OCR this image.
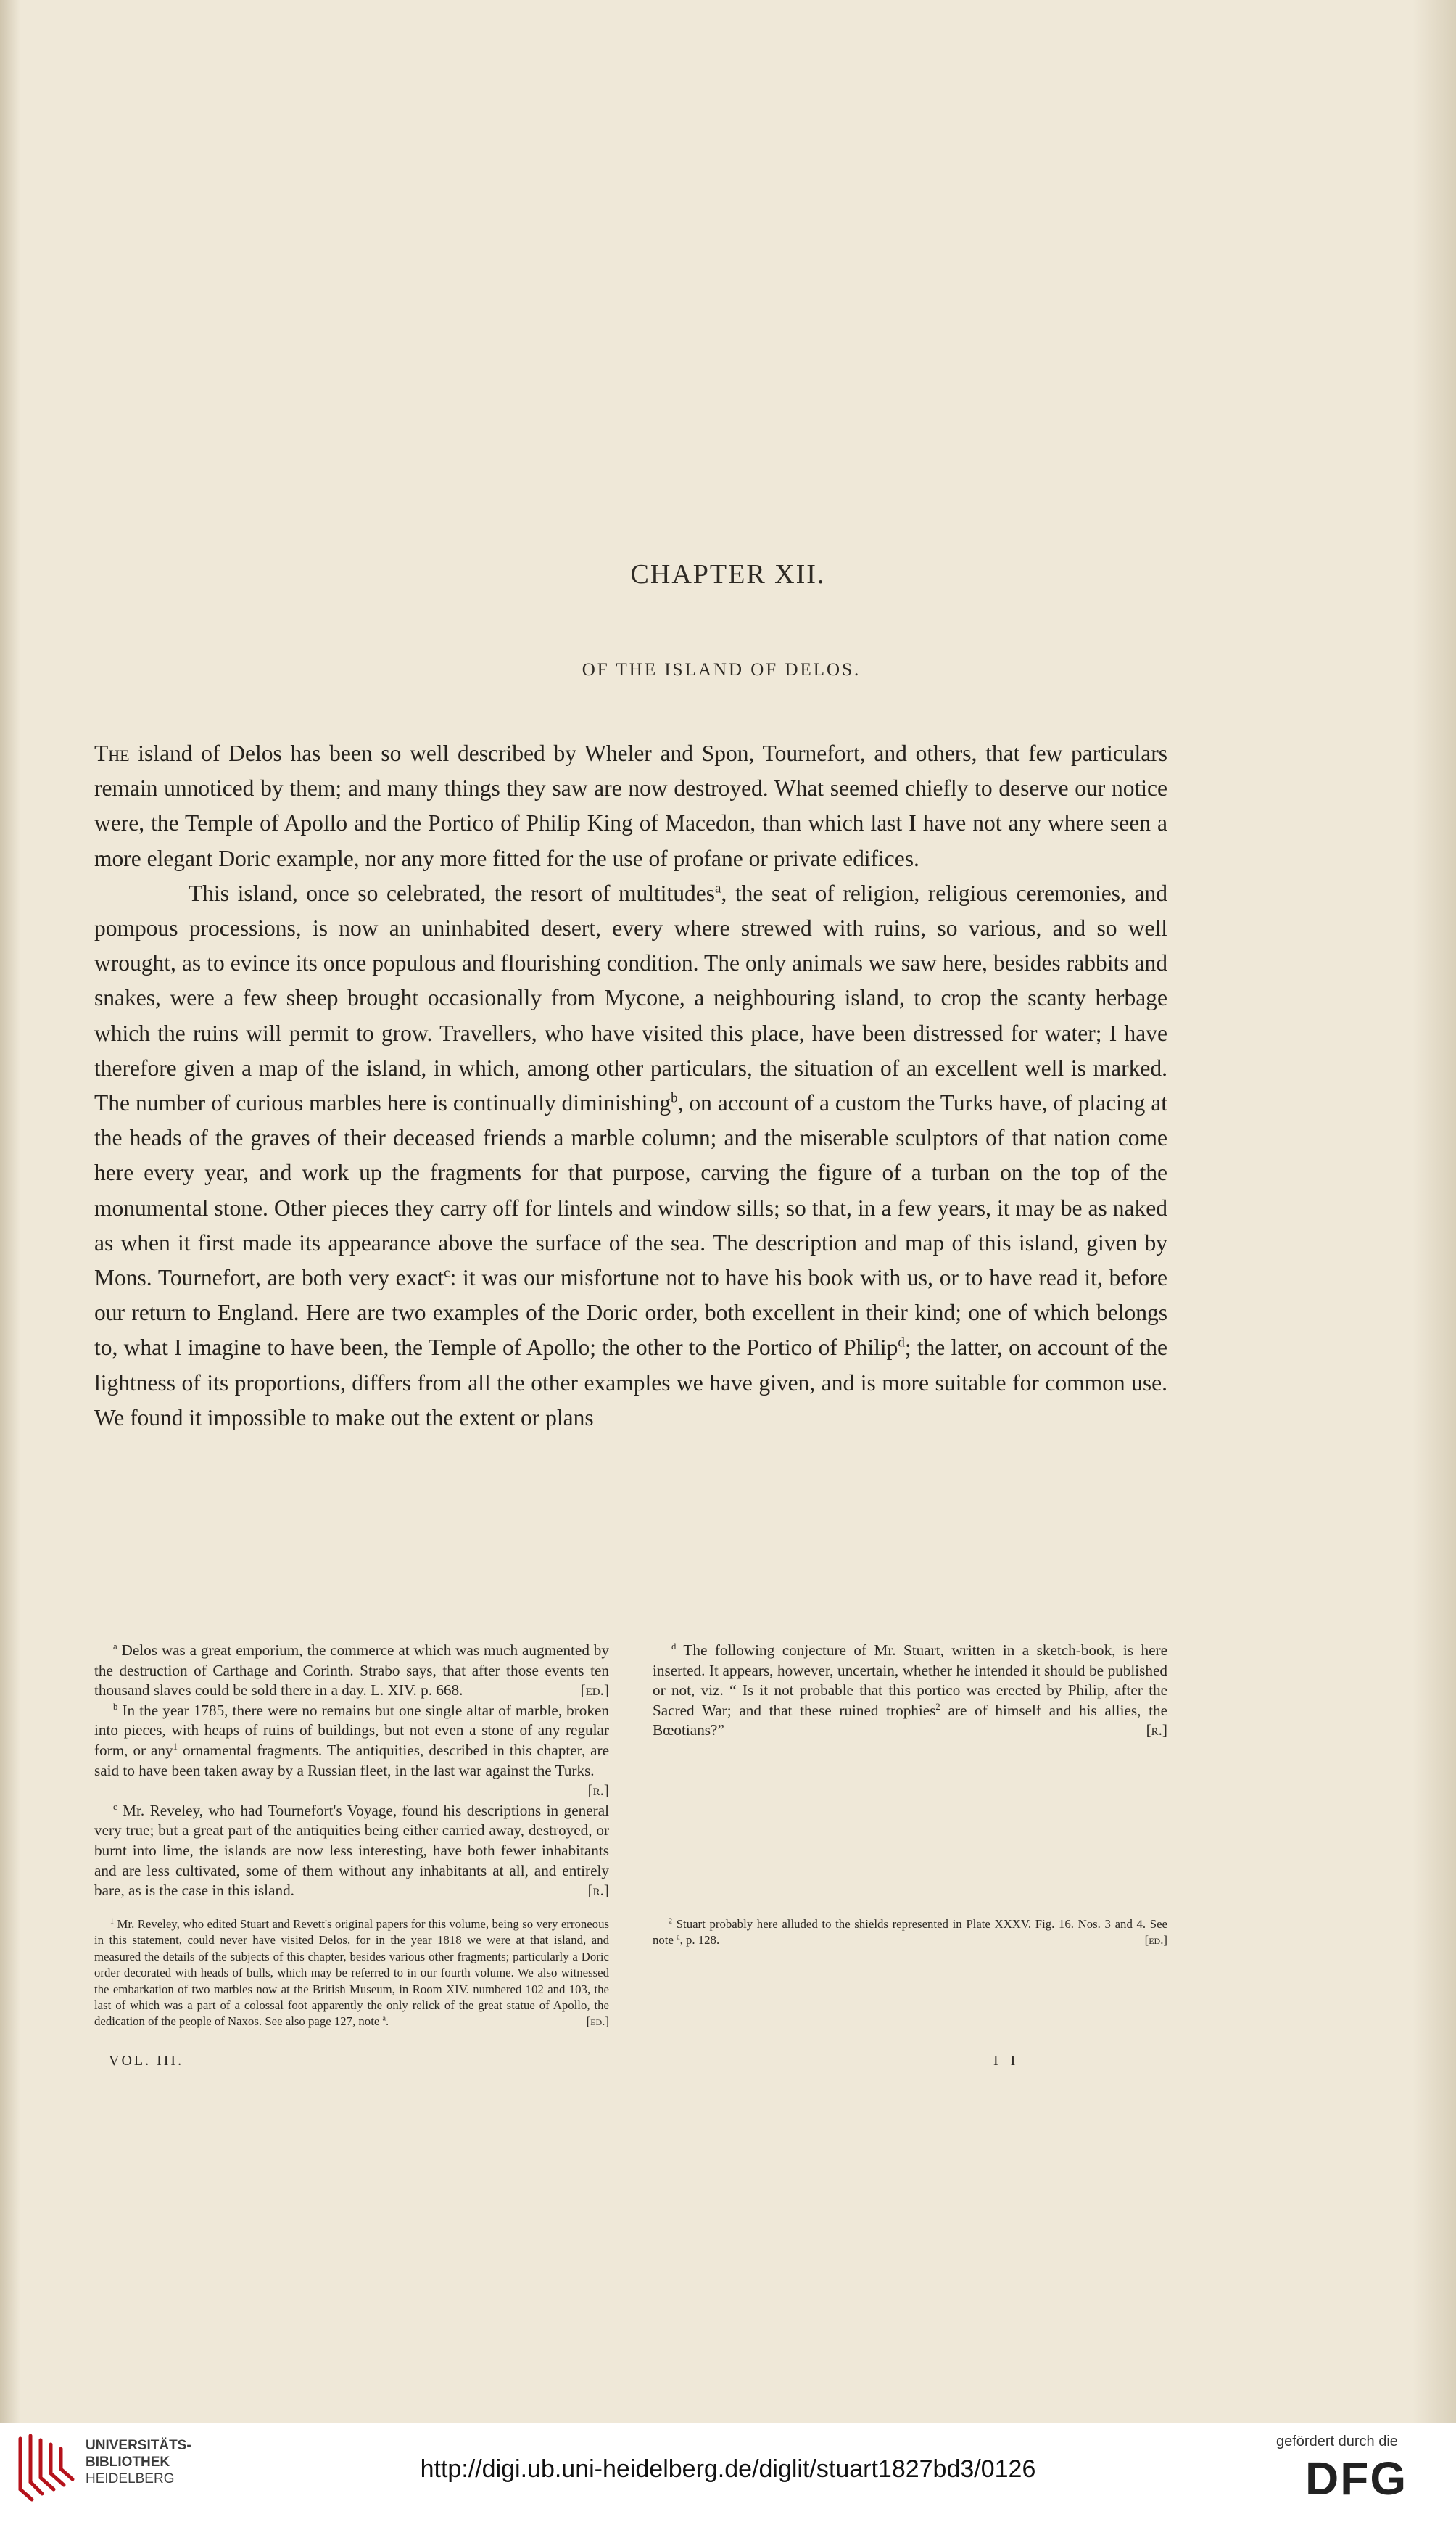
CHAPTER XII.
OF THE ISLAND OF DELOS.

The island of Delos has been so well described by Wheler and Spon, Tournefort, and others, that few particulars remain unnoticed by them; and many things they saw are now destroyed. What seemed chiefly to deserve our notice were, the Temple of Apollo and the Portico of Philip King of Macedon, than which last I have not any where seen a more elegant Doric example, nor any more fitted for the use of profane or private edifices.

This island, once so celebrated, the resort of multitudes$^a$, the seat of religion, religious ceremonies, and pompous processions, is now an uninhabited desert, every where strewed with ruins, so various, and so well wrought, as to evince its once populous and flourishing condition. The only animals we saw here, besides rabbits and snakes, were a few sheep brought occasionally from Mycone, a neighbouring island, to crop the scanty herbage which the ruins will permit to grow. Travellers, who have visited this place, have been distressed for water; I have therefore given a map of the island, in which, among other particulars, the situation of an excellent well is marked. The number of curious marbles here is continually diminishing$^b$, on account of a custom the Turks have, of placing at the heads of the graves of their deceased friends a marble column; and the miserable sculptors of that nation come here every year, and work up the fragments for that purpose, carving the figure of a turban on the top of the monumental stone. Other pieces they carry off for lintels and window sills; so that, in a few years, it may be as naked as when it first made its appearance above the surface of the sea. The description and map of this island, given by Mons. Tournefort, are both very exact$^c$: it was our misfortune not to have his book with us, or to have read it, before our return to England. Here are two examples of the Doric order, both excellent in their kind; one of which belongs to, what I imagine to have been, the Temple of Apollo; the other to the Portico of Philip$^d$; the latter, on account of the lightness of its proportions, differs from all the other examples we have given, and is more suitable for common use. We found it impossible to make out the extent or plans

$^a$ Delos was a great emporium, the commerce at which was much augmented by the destruction of Carthage and Corinth. Strabo says, that after those events ten thousand slaves could be sold there in a day. L. XIV. p. 668.	[ed.]

$^b$ In the year 1785, there were no remains but one single altar of marble, broken into pieces, with heaps of ruins of buildings, but not even a stone of any regular form, or any$^1$ ornamental fragments. The antiquities, described in this chapter, are said to have been taken away by a Russian fleet, in the last war against the Turks.
[r.]

$^c$ Mr. Reveley, who had Tournefort's Voyage, found his descriptions in general very true; but a great part of the antiquities being either carried away, destroyed, or burnt into lime, the islands are now less interesting, have both fewer inhabitants and are less cultivated, some of them without any inhabitants at all, and entirely bare, as is the case in this island.	[r.]

$^d$ The following conjecture of Mr. Stuart, written in a sketch-book, is here inserted. It appears, however, uncertain, whether he intended it should be published or not, viz. “ Is it not probable that this portico was erected by Philip, after the Sacred War; and that these ruined trophies$^2$ are of himself and his allies, the Bœotians?”	[r.]

$^1$ Mr. Reveley, who edited Stuart and Revett's original papers for this volume, being so very erroneous in this statement, could never have visited Delos, for in the year 1818 we were at that island, and measured the details of the subjects of this chapter, besides various other fragments; particularly a Doric order decorated with heads of bulls, which may be referred to in our fourth volume. We also witnessed the embarkation of two marbles now at the British Museum, in Room XIV. numbered 102 and 103, the last of which was a part of a colossal foot apparently the only relick of the great statue of Apollo, the dedication of the people of Naxos. See also page 127, note $^a$.	[ed.]

$^2$ Stuart probably here alluded to the shields represented in Plate XXXV. Fig. 16. Nos. 3 and 4. See note $^a$, p. 128.	[ed.]

VOL. III.	I I
UNIVERSITÄTS-
BIBLIOTHEK
HEIDELBERG	http://digi.ub.uni-heidelberg.de/diglit/stuart1827bd3/0126
gefördert durch die
DFG
